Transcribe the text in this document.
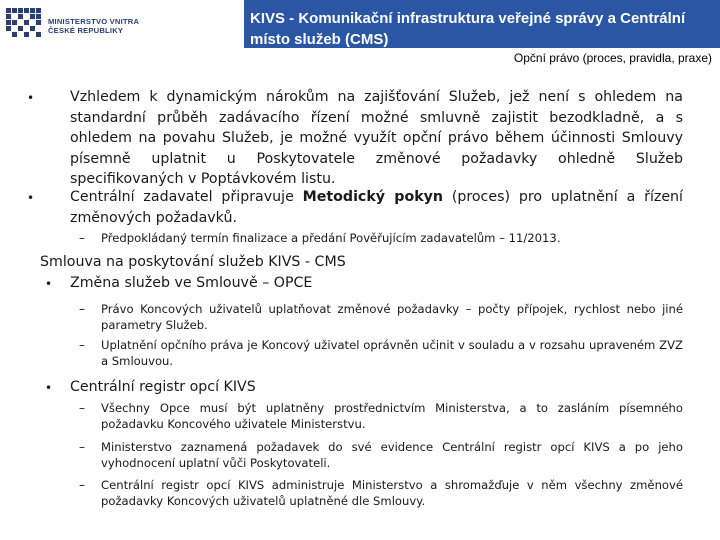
MINISTERSTVO VNITRA
ČESKÉ REPUBLIKY
KIVS - Komunikační infrastruktura veřejné správy a Centrální místo služeb (CMS)
Opční právo (proces, pravidla, praxe)
•	Vzhledem k dynamickým nárokům na zajišťování Služeb, jež není s ohledem na standardní průběh zadávacího řízení možné smluvně zajistit bezodkladně, a s ohledem na povahu Služeb, je možné využít opční právo během účinnosti Smlouvy písemně uplatnit u Poskytovatele změnové požadavky ohledně Služeb specifikovaných v Poptávkovém listu.

•	Centrální zadavatel připravuje Metodický pokyn (proces) pro uplatnění a řízení změnových požadavků.

– Předpokládaný termín finalizace a předání Pověřujícím zadavatelům – 11/2013.

Smlouva na poskytování služeb KIVS - CMS

• Změna služeb ve Smlouvě – OPCE

– Právo Koncových uživatelů uplatňovat změnové požadavky – počty přípojek, rychlost nebo jiné parametry Služeb.

– Uplatnění opčního práva je Koncový uživatel oprávněn učinit v souladu a v rozsahu upraveném ZVZ a Smlouvou.

• Centrální registr opcí KIVS

– Všechny Opce musí být uplatněny prostřednictvím Ministerstva, a to zasláním písemného požadavku Koncového uživatele Ministerstvu.

– Ministerstvo zaznamená požadavek do své evidence Centrální registr opcí KIVS a po jeho vyhodnocení uplatní vůči Poskytovateli.

– Centrální registr opcí KIVS administruje Ministerstvo a shromažďuje v něm všechny změnové požadavky Koncových uživatelů uplatněné dle Smlouvy.
